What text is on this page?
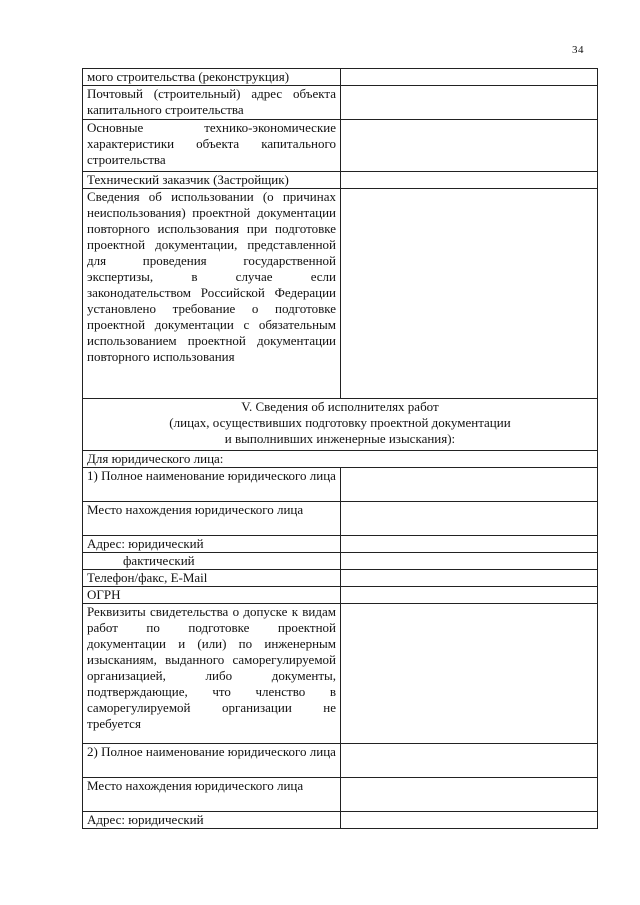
34
мого строительства (реконструкция)	
Почтовый (строительный) адрес объекта капитального строительства	
Основные технико-экономические характеристики объекта капитального строительства	
Технический заказчик (Застройщик)	
Сведения об использовании (о причинах неиспользования) проектной документации повторного использования при подготовке проектной документации, представленной для проведения государственной экспертизы, в случае если законодательством Российской Федерации установлено требование о подготовке проектной документации с обязательным использованием проектной документации повторного использования	

V. Сведения об исполнителях работ
(лицах, осуществивших подготовку проектной документации
и выполнивших инженерные изыскания):	

Для юридического лица:	
1) Полное наименование юридического лица	
Место нахождения юридического лица	
Адрес: юридический	
фактический	
Телефон/факс, E-Mail	
ОГРН	
Реквизиты свидетельства о допуске к видам работ по подготовке проектной документации и (или) по инженерным изысканиям, выданного саморегулируемой организацией, либо документы, подтверждающие, что членство в саморегулируемой организации не требуется	
2) Полное наименование юридического лица	
Место нахождения юридического лица	
Адрес: юридический	
